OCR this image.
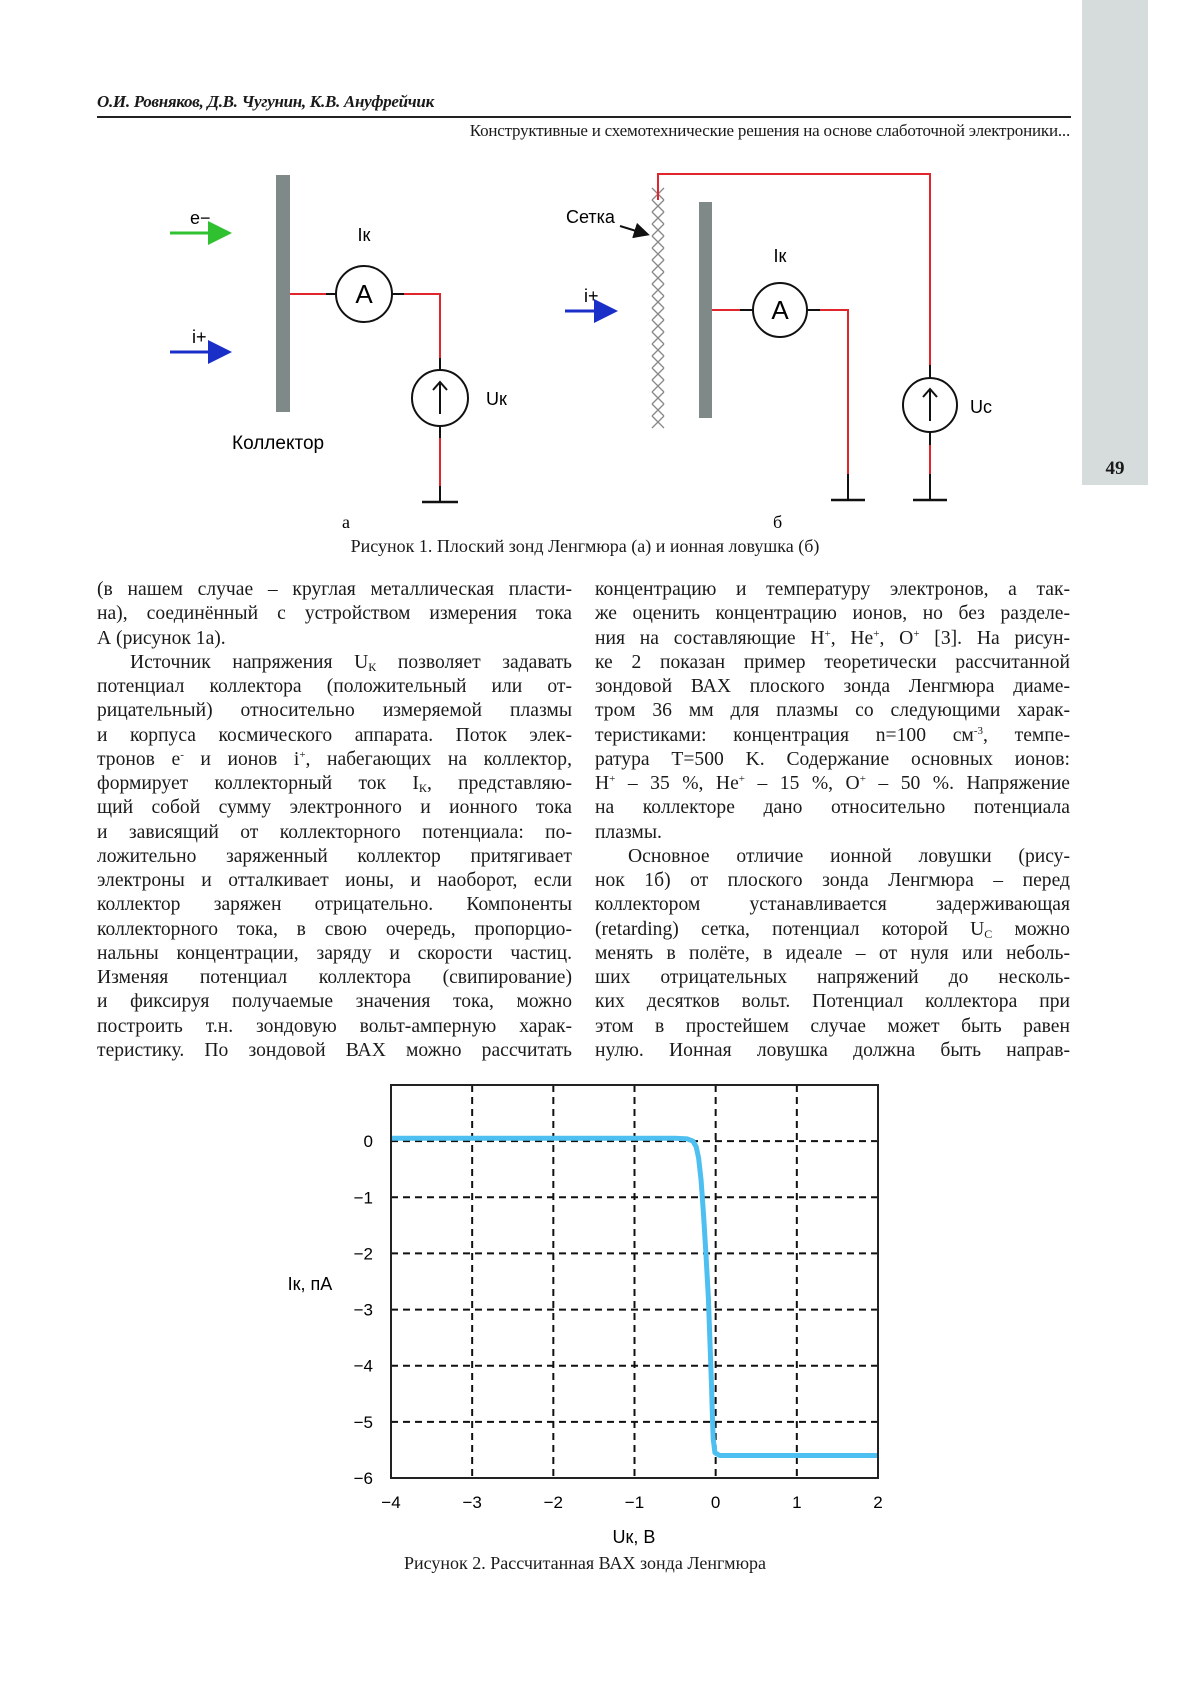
49
О.И. Ровняков, Д.В. Чугунин, К.В. Ануфрейчик
Конструктивные и схемотехнические решения на основе слаботочной электроники...
e−
i+
A
Iк
Uк
Коллектор
а
Сетка
i+	A
Iк
Uc
б
Рисунок 1. Плоский зонд Ленгмюра (а) и ионная ловушка (б)
(в нашем случае – круглая металлическая пласти-
на), соединённый с устройством измерения тока
А (рисунок 1а).
Источник напряжения $U_К$ позволяет задавать
потенциал коллектора (положительный или от-
рицательный) относительно измеряемой плазмы
и корпуса космического аппарата. Поток элек-
тронов e- и ионов i+, набегающих на коллектор,
формирует коллекторный ток $I_К$, представляю-
щий собой сумму электронного и ионного тока
и зависящий от коллекторного потенциала: по-
ложительно заряженный коллектор притягивает
электроны и отталкивает ионы, и наоборот, если
коллектор заряжен отрицательно. Компоненты
коллекторного тока, в свою очередь, пропорцио-
нальны концентрации, заряду и скорости частиц.
Изменяя потенциал коллектора (свипирование)
и фиксируя получаемые значения тока, можно
построить т.н. зондовую вольт-амперную харак-
теристику. По зондовой ВАХ можно рассчитать
концентрацию и температуру электронов, а так-
же оценить концентрацию ионов, но без разделе-
ния на составляющие H+, He+, O+ [3]. На рисун-
ке 2 показан пример теоретически рассчитанной
зондовой ВАХ плоского зонда Ленгмюра диаме-
тром 36 мм для плазмы со следующими харак-
теристиками: концентрация n=100 $см^{-3}$, темпе-
ратура T=500 K. Содержание основных ионов:
H+ – 35 %, He+ – 15 %, O+ – 50 %. Напряжение
на коллекторе дано относительно потенциала
плазмы.
Основное отличие ионной ловушки (рису-
нок 1б) от плоского зонда Ленгмюра – перед
коллектором устанавливается задерживающая
(retarding) сетка, потенциал которой $U_C$ можно
менять в полёте, в идеале – от нуля или неболь-
ших отрицательных напряжений до несколь-
ких десятков вольт. Потенциал коллектора при
этом в простейшем случае может быть равен
нулю. Ионная ловушка должна быть направ-
−4	−3	−2	−1	0	1	2
0
−1
−2
−3
−4
−5
−6
Iк, пА
Uк, В
Рисунок 2. Рассчитанная ВАХ зонда Ленгмюра
